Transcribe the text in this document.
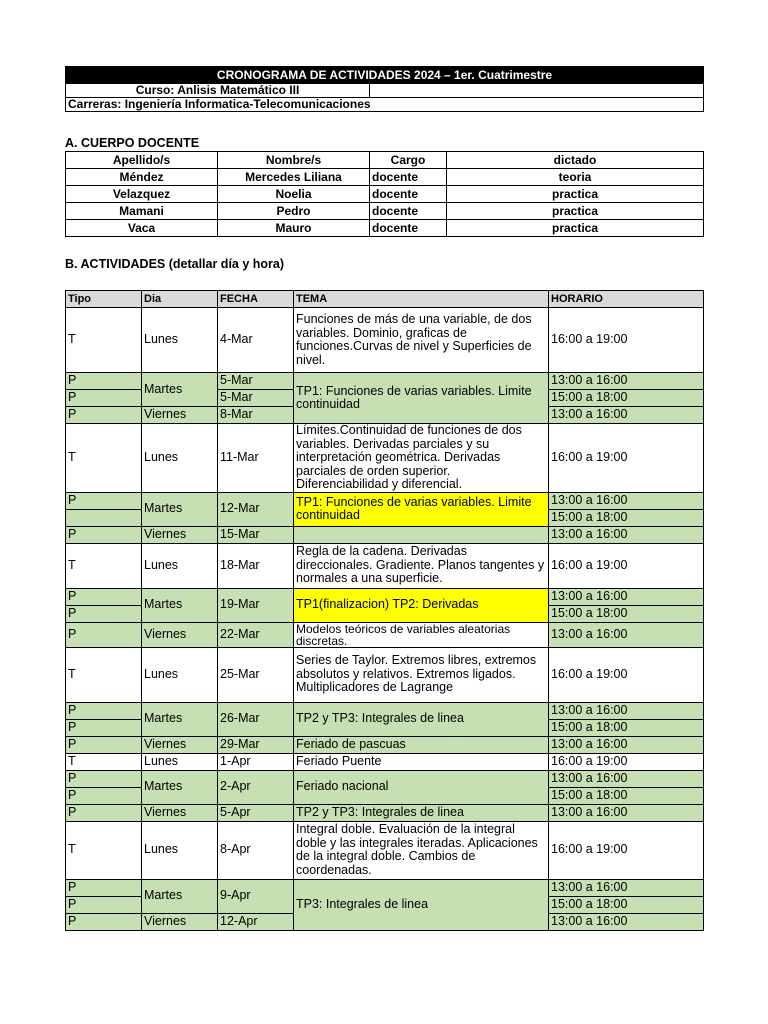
CRONOGRAMA DE ACTIVIDADES 2024 – 1er. Cuatrimestre
Curso: Anlisis Matemático III	
Carreras: Ingeniería Informatica-Telecomunicaciones
A. CUERPO DOCENTE
Apellido/s	Nombre/s	Cargo	dictado
Méndez	Mercedes Liliana	docente	teoria
Velazquez	Noelia	docente	practica
Mamani	Pedro	docente	practica
Vaca	Mauro	docente	practica
B. ACTIVIDADES (detallar día y hora)
Tipo	Dia	FECHA	TEMA	HORARIO
T	Lunes	4-Mar	Funciones de más de una variable, de dos variables. Dominio, graficas de funciones.Curvas de nivel y Superficies de nivel.	16:00 a 19:00
P	Martes	5-Mar	TP1: Funciones de varias variables. Limite continuidad	13:00 a 16:00
P		5-Mar		15:00 a 18:00
P	Viernes	8-Mar		13:00 a 16:00
T	Lunes	11-Mar	Límites.Continuidad de funciones de dos variables. Derivadas parciales y su interpretación geométrica. Derivadas parciales de orden superior. Diferenciabilidad y diferencial.	16:00 a 19:00
P	Martes	12-Mar	TP1: Funciones de varias variables. Limite continuidad	13:00 a 16:00
				15:00 a 18:00
P	Viernes	15-Mar		13:00 a 16:00
T	Lunes	18-Mar	Regla de la cadena. Derivadas direccionales. Gradiente. Planos tangentes y normales a una superficie.	16:00 a 19:00
P	Martes	19-Mar	TP1(finalizacion) TP2: Derivadas	13:00 a 16:00
P				15:00 a 18:00
P	Viernes	22-Mar	Modelos teóricos de variables aleatorias discretas.	13:00 a 16:00
T	Lunes	25-Mar	Series de Taylor. Extremos libres, extremos absolutos y relativos. Extremos ligados. Multiplicadores de Lagrange	16:00 a 19:00
P	Martes	26-Mar	TP2 y TP3: Integrales de linea	13:00 a 16:00
P				15:00 a 18:00
P	Viernes	29-Mar	Feriado de pascuas	13:00 a 16:00
T	Lunes	1-Apr	Feriado Puente	16:00 a 19:00
P	Martes	2-Apr	Feriado nacional	13:00 a 16:00
P				15:00 a 18:00
P	Viernes	5-Apr	TP2 y TP3: Integrales de linea	13:00 a 16:00
T	Lunes	8-Apr	Integral doble. Evaluación de la integral doble y las integrales iteradas. Aplicaciones de la integral doble. Cambios de coordenadas.	16:00 a 19:00
P	Martes	9-Apr	TP3: Integrales de linea	13:00 a 16:00
P				15:00 a 18:00
P	Viernes	12-Apr		13:00 a 16:00
